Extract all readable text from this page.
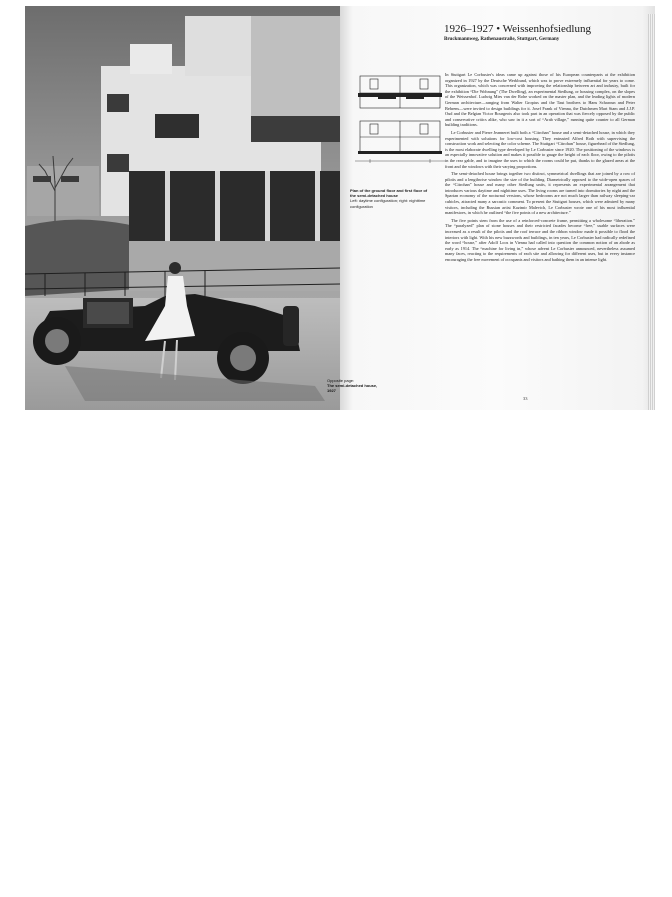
1926–1927 • Weissenhofsiedlung
Bruckmannweg, Rathenaustraße, Stuttgart, Germany
Plan of the ground floor and first floor of the semi-detached house
Left: daytime configuration; right: nighttime configuration

In Stuttgart Le Corbusier's ideas came up against those of his European counterparts at the exhibition organized in 1927 by the Deutsche Werkbund, which was to prove extremely influential for years to come. This organization, which was concerned with improving the relationship between art and industry, built for the exhibition “Die Wohnung” (The Dwelling), an experimental Siedlung, or housing complex, on the slopes of the Weissenhof. Ludwig Mies van der Rohe worked on the master plan, and the leading lights of modern German architecture—ranging from Walter Gropius and the Taut brothers to Hans Scharoun and Peter Behrens—were invited to design buildings for it. Josef Frank of Vienna, the Dutchmen Mart Stam and J.J.P. Oud and the Belgian Victor Bourgeois also took part in an operation that was fiercely opposed by the public and conservative critics alike, who saw in it a sort of “Arab village,” running quite counter to all German building traditions.

Le Corbusier and Pierre Jeanneret built both a “Citrohan” house and a semi-detached house, in which they experimented with solutions for low-cost housing. They entrusted Alfred Roth with supervising the construction work and selecting the color scheme. The Stuttgart “Citrohan” house, figurehead of the Siedlung, is the most elaborate dwelling type developed by Le Corbusier since 1920. The positioning of the windows is an especially innovative solution and makes it possible to gauge the height of each floor, owing to the pilotis in the rear gable, and to imagine the uses to which the rooms could be put, thanks to the glazed areas at the front and the windows with their varying proportions.

The semi-detached house brings together two distinct, symmetrical dwellings that are joined by a row of pilotis and a lengthwise window the size of the building. Diametrically opposed to the wide-open spaces of the “Citrohan” house and many other Siedlung units, it represents an experimental arrangement that introduces various daytime and nighttime uses. The living rooms are turned into dormitories by night and the Spartan economy of the nocturnal versions, whose bedrooms are not much larger than railway sleeping-car cubicles, attracted many a sarcastic comment. To present the Stuttgart houses, which were admired by many visitors, including the Russian artist Kazimir Malevich, Le Corbusier wrote one of his most influential manifestoes, in which he outlined “the five points of a new architecture.”

The five points stem from the use of a reinforced-concrete frame, permitting a wholesome “liberation.” The “paralyzed” plan of stone houses and their restricted facades become “free,” usable surfaces were increased as a result of the pilotis and the roof terrace and the ribbon window made it possible to flood the interiors with light. With his new buzzwords and buildings, in ten years, Le Corbusier had radically redefined the word “house,” after Adolf Loos in Vienna had called into question the common notion of an abode as early as 1914. The “machine for living in,” whose advent Le Corbusier announced, nevertheless assumed many faces, reacting to the requirements of each site and allowing for different uses, but in every instance encouraging the free movement of occupants and visitors and bathing them in an intense light.

33
Opposite page:
The semi-detached house, 1927
